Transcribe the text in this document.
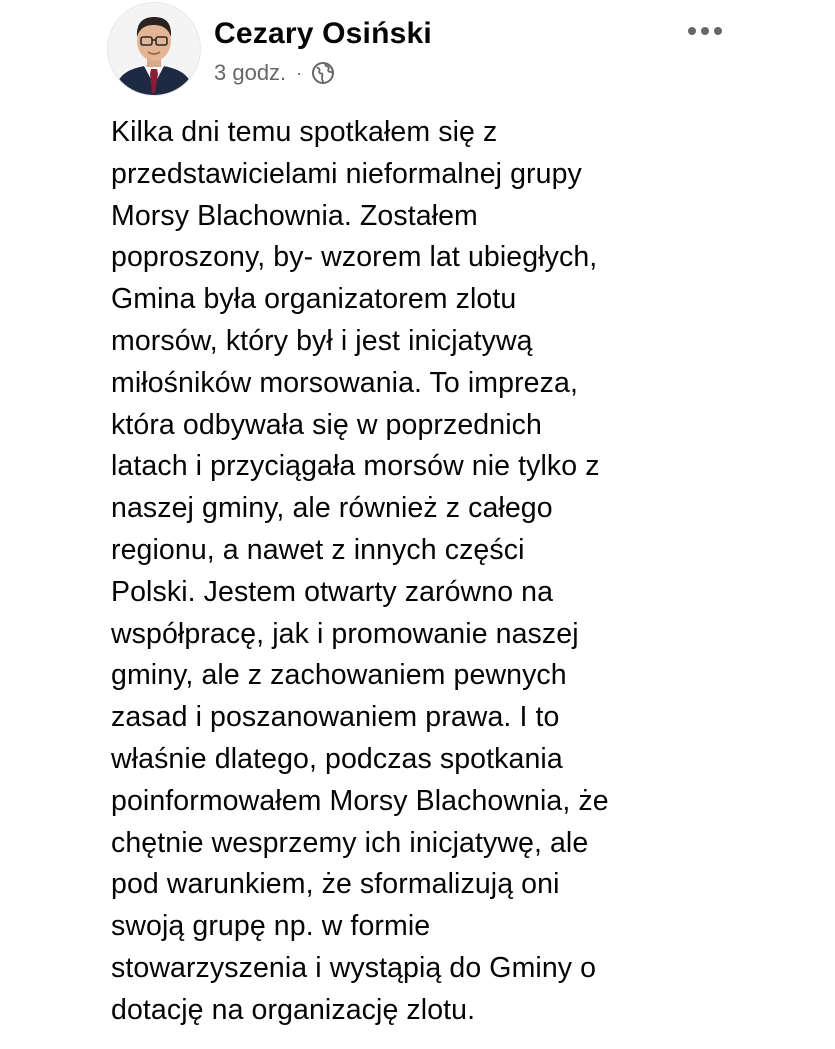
Cezary Osiński
3 godz. ·
Kilka dni temu spotkałem się z
przedstawicielami nieformalnej grupy
Morsy Blachownia. Zostałem
poproszony, by- wzorem lat ubiegłych,
Gmina była organizatorem zlotu
morsów, który był i jest inicjatywą
miłośników morsowania. To impreza,
która odbywała się w poprzednich
latach i przyciągała morsów nie tylko z
naszej gminy, ale również z całego
regionu, a nawet z innych części
Polski. Jestem otwarty zarówno na
współpracę, jak i promowanie naszej
gminy, ale z zachowaniem pewnych
zasad i poszanowaniem prawa. I to
właśnie dlatego, podczas spotkania
poinformowałem Morsy Blachownia, że
chętnie wesprzemy ich inicjatywę, ale
pod warunkiem, że sformalizują oni
swoją grupę np. w formie
stowarzyszenia i wystąpią do Gminy o
dotację na organizację zlotu.
